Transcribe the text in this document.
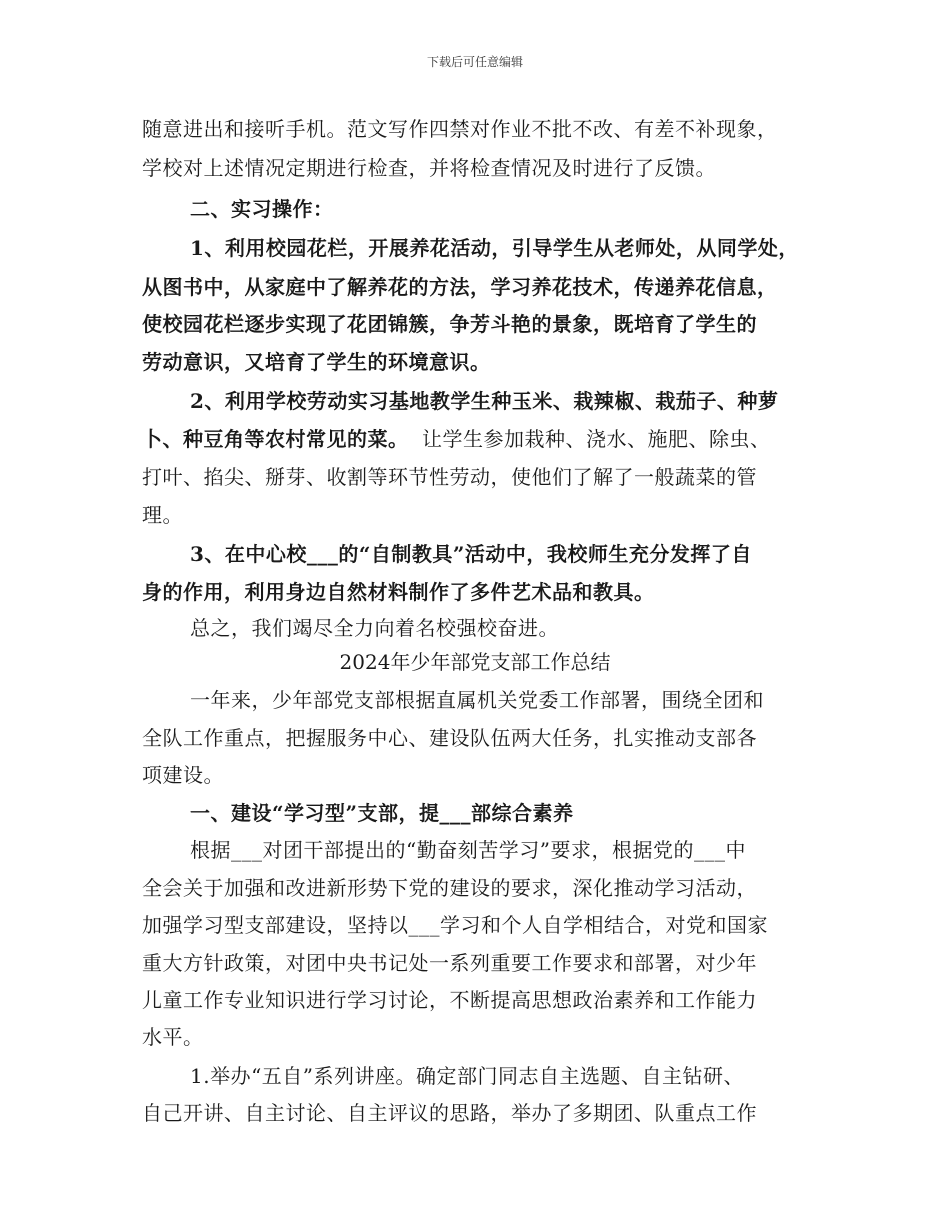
下载后可任意编辑
随意进出和接听手机。范文写作四禁对作业不批不改、有差不补现象，
学校对上述情况定期进行检查，并将检查情况及时进行了反馈。
二、实习操作：
1、利用校园花栏，开展养花活动，引导学生从老师处，从同学处，
从图书中，从家庭中了解养花的方法，学习养花技术，传递养花信息，
使校园花栏逐步实现了花团锦簇，争芳斗艳的景象，既培育了学生的
劳动意识，又培育了学生的环境意识。
2、利用学校劳动实习基地教学生种玉米、栽辣椒、栽茄子、种萝
卜、种豆角等农村常见的菜。 让学生参加栽种、浇水、施肥、除虫、
打叶、掐尖、掰芽、收割等环节性劳动，使他们了解了一般蔬菜的管
理。
3、在中心校___的“自制教具”活动中，我校师生充分发挥了自
身的作用，利用身边自然材料制作了多件艺术品和教具。
总之，我们竭尽全力向着名校强校奋进。
2024年少年部党支部工作总结
一年来，少年部党支部根据直属机关党委工作部署，围绕全团和
全队工作重点，把握服务中心、建设队伍两大任务，扎实推动支部各
项建设。
一、建设“学习型”支部，提___部综合素养
根据___对团干部提出的“勤奋刻苦学习”要求，根据党的___中
全会关于加强和改进新形势下党的建设的要求，深化推动学习活动，
加强学习型支部建设，坚持以___学习和个人自学相结合，对党和国家
重大方针政策，对团中央书记处一系列重要工作要求和部署，对少年
儿童工作专业知识进行学习讨论，不断提高思想政治素养和工作能力
水平。
1.举办“五自”系列讲座。确定部门同志自主选题、自主钻研、
自己开讲、自主讨论、自主评议的思路，举办了多期团、队重点工作
